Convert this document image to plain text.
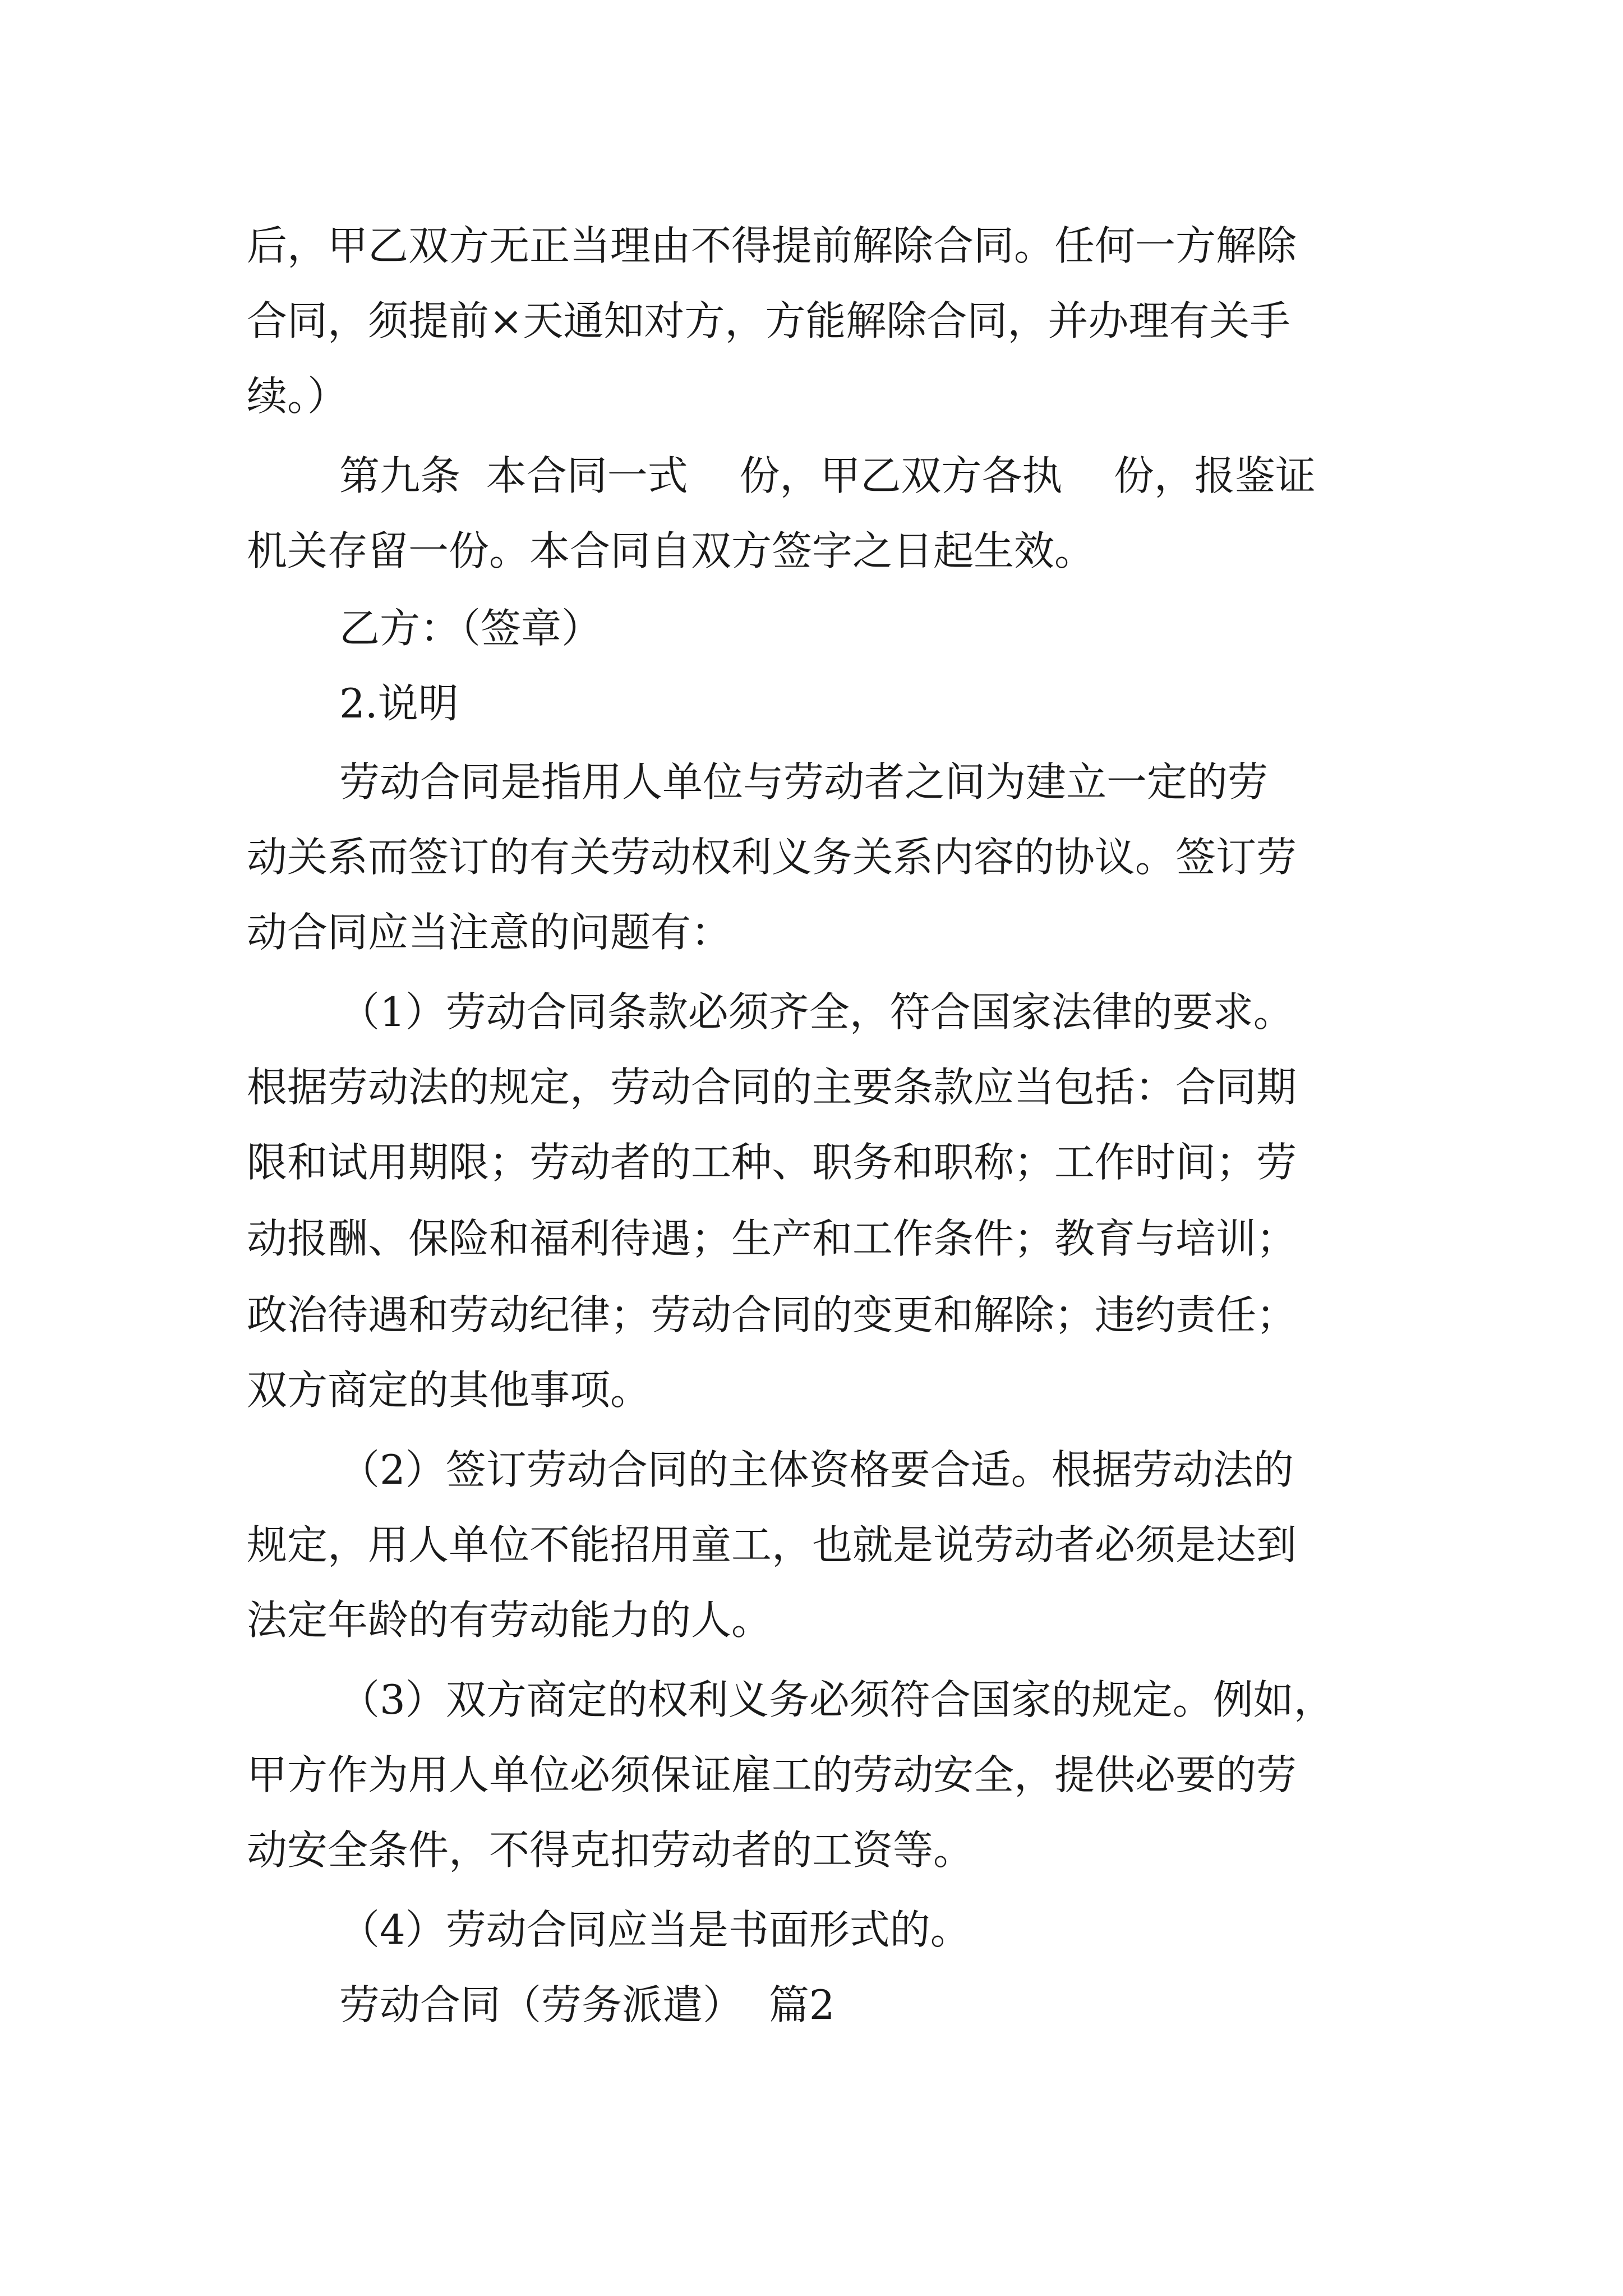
后，甲乙双方无正当理由不得提前解除合同。任何一方解除
合同，须提前×天通知对方，方能解除合同，并办理有关手
续。）
第九条  本合同一式    份，甲乙双方各执    份，报鉴证
机关存留一份。本合同自双方签字之日起生效。
乙方：（签章）
2.说明
劳动合同是指用人单位与劳动者之间为建立一定的劳
动关系而签订的有关劳动权利义务关系内容的协议。签订劳
动合同应当注意的问题有：
（1）劳动合同条款必须齐全，符合国家法律的要求。
根据劳动法的规定，劳动合同的主要条款应当包括：合同期
限和试用期限；劳动者的工种、职务和职称；工作时间；劳
动报酬、保险和福利待遇；生产和工作条件；教育与培训；
政治待遇和劳动纪律；劳动合同的变更和解除；违约责任；
双方商定的其他事项。
（2）签订劳动合同的主体资格要合适。根据劳动法的
规定，用人单位不能招用童工，也就是说劳动者必须是达到
法定年龄的有劳动能力的人。
（3）双方商定的权利义务必须符合国家的规定。例如，
甲方作为用人单位必须保证雇工的劳动安全，提供必要的劳
动安全条件，不得克扣劳动者的工资等。
（4）劳动合同应当是书面形式的。
劳动合同（劳务派遣）  篇2
